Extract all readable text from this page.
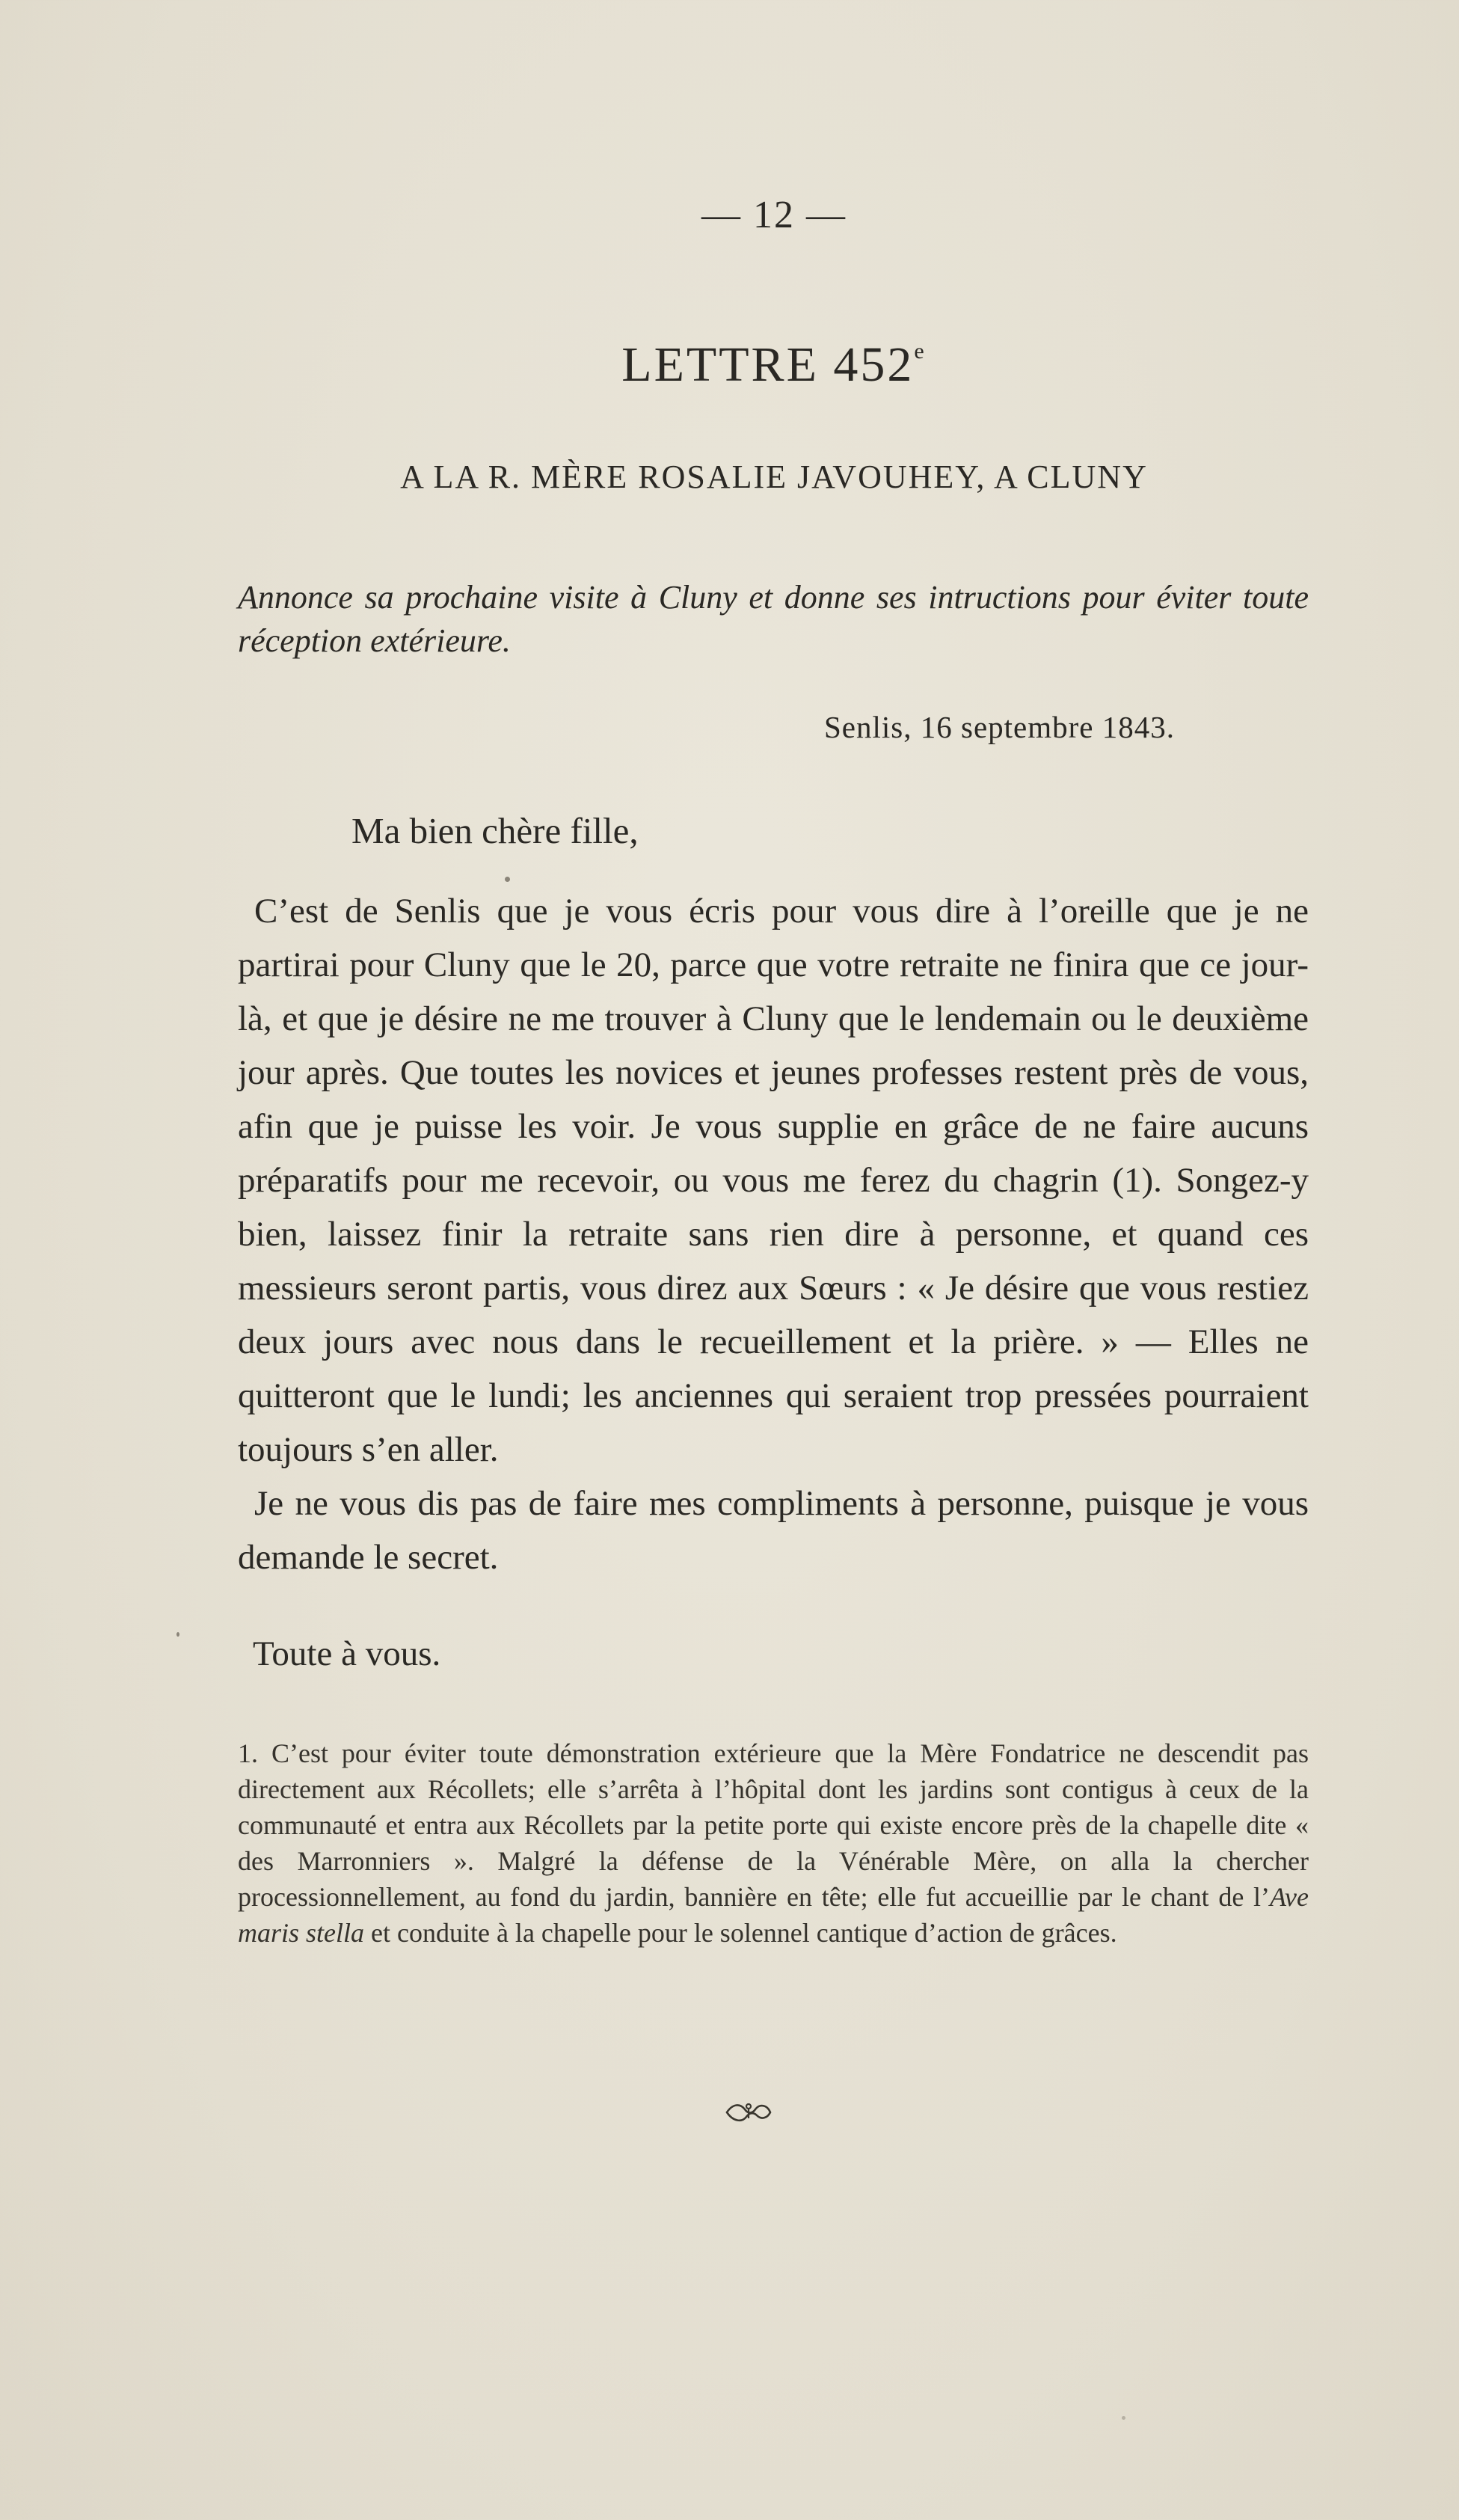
— 12 —
LETTRE 452e
A LA R. MÈRE ROSALIE JAVOUHEY, A CLUNY
Annonce sa prochaine visite à Cluny et donne ses intructions pour éviter toute réception extérieure.
Senlis, 16 septembre 1843.
Ma bien chère fille,

C’est de Senlis que je vous écris pour vous dire à l’oreille que je ne partirai pour Cluny que le 20, parce que votre retraite ne finira que ce jour-là, et que je désire ne me trouver à Cluny que le lendemain ou le deuxième jour après. Que toutes les novices et jeunes professes restent près de vous, afin que je puisse les voir. Je vous supplie en grâce de ne faire aucuns préparatifs pour me recevoir, ou vous me ferez du chagrin (1). Songez-y bien, laissez finir la retraite sans rien dire à personne, et quand ces messieurs seront partis, vous direz aux Sœurs : « Je désire que vous restiez deux jours avec nous dans le recueillement et la prière. » — Elles ne quitteront que le lundi; les anciennes qui seraient trop pressées pourraient toujours s’en aller.

Je ne vous dis pas de faire mes compliments à personne, puisque je vous demande le secret.

Toute à vous.
1. C’est pour éviter toute démonstration extérieure que la Mère Fondatrice ne descendit pas directement aux Récollets; elle s’arrêta à l’hôpital dont les jardins sont contigus à ceux de la communauté et entra aux Récollets par la petite porte qui existe encore près de la chapelle dite « des Marronniers ». Malgré la défense de la Vénérable Mère, on alla la chercher processionnellement, au fond du jardin, bannière en tête; elle fut accueillie par le chant de l’Ave maris stella et conduite à la chapelle pour le solennel cantique d’action de grâces.
